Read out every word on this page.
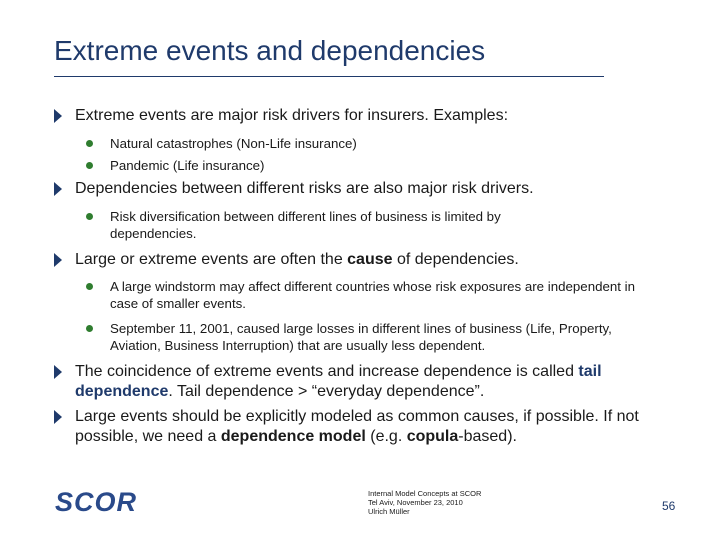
Extreme events and dependencies
Extreme events are major risk drivers for insurers. Examples:
Natural catastrophes (Non-Life insurance)
Pandemic (Life insurance)
Dependencies between different risks are also major risk drivers.
Risk diversification between different lines of business is limited by dependencies.
Large or extreme events are often the cause of dependencies.
A large windstorm may affect different countries whose risk exposures are independent in case of smaller events.
September 11, 2001, caused large losses in different lines of business (Life, Property, Aviation, Business Interruption) that are usually less dependent.
The coincidence of extreme events and increase dependence is called tail dependence. Tail dependence > “everyday dependence”.
Large events should be explicitly modeled as common causes, if possible. If not possible, we need a dependence model (e.g. copula-based).
SCOR	Internal Model Concepts at SCOR
Tel Aviv, November 23, 2010
Ulrich Müller	56
